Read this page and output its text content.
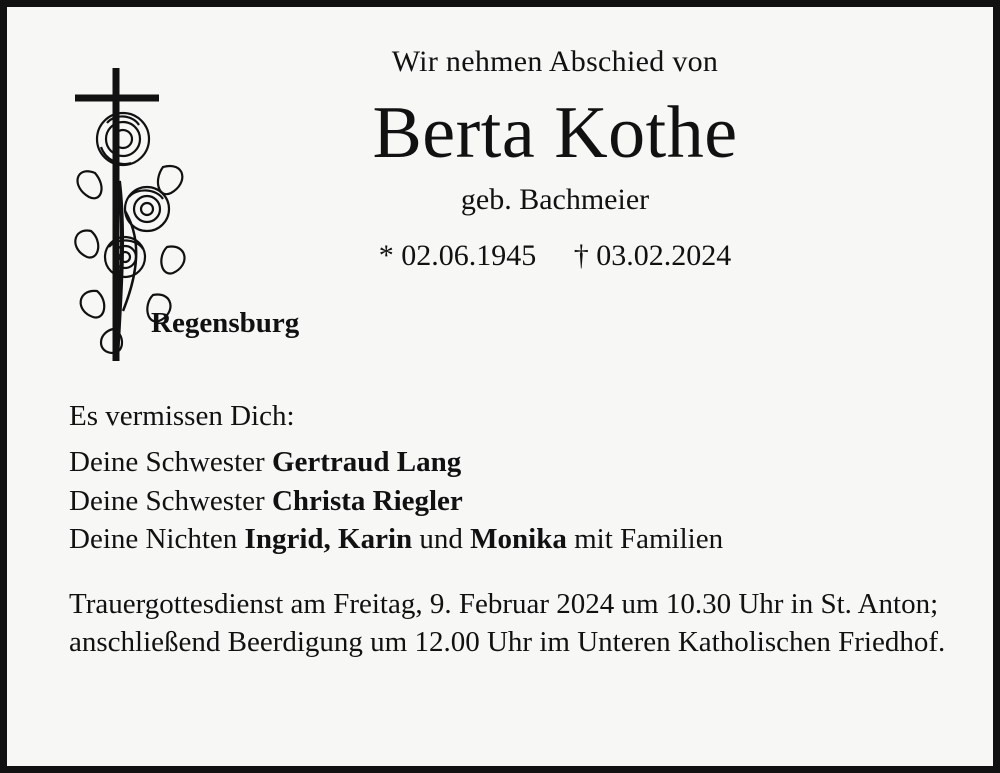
Wir nehmen Abschied von
Berta Kothe
geb. Bachmeier
* 02.06.1945     † 03.02.2024
Regensburg
Es vermissen Dich:
Deine Schwester Gertraud Lang
Deine Schwester Christa Riegler
Deine Nichten Ingrid, Karin und Monika mit Familien
Trauergottesdienst am Freitag, 9. Februar 2024 um 10.30 Uhr in St. Anton; anschließend Beerdigung um 12.00 Uhr im Unteren Katholischen Friedhof.
